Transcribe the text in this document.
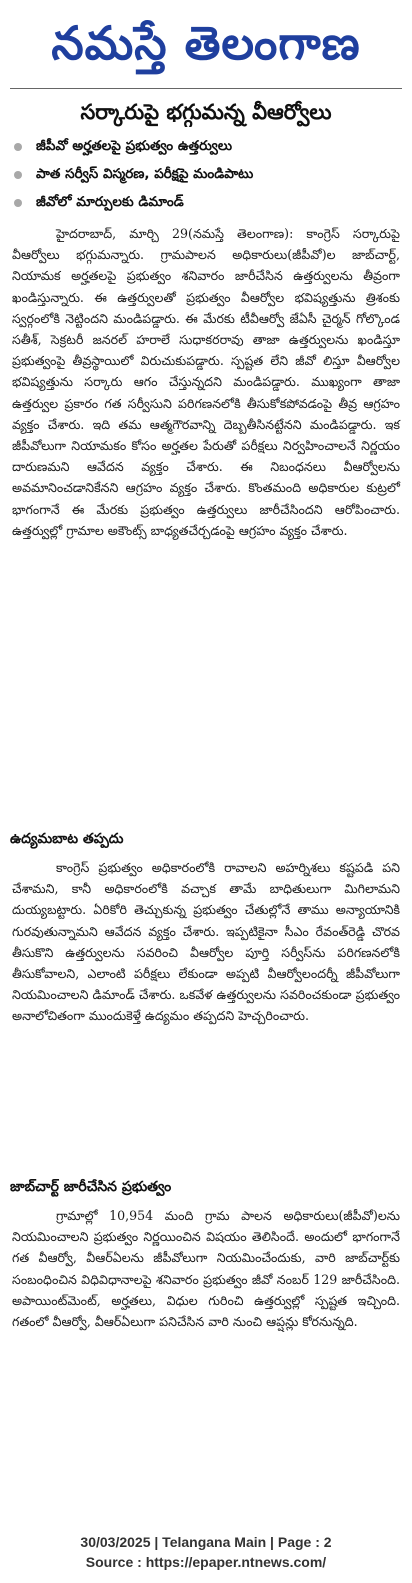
నమస్తే తెలంగాణ
సర్కారుపై భగ్గుమన్న వీఆర్వోలు
జీపీవో అర్హతలపై ప్రభుత్వం ఉత్తర్వులు
పాత సర్వీస్ విస్మరణ, పరీక్షపై మండిపాటు
జీవోలో మార్పులకు డిమాండ్

హైదరాబాద్, మార్చి 29(నమస్తే తెలంగాణ): కాంగ్రెస్ సర్కారుపై వీఆర్వోలు భగ్గుమన్నారు. గ్రామపాలన అధికారులు(జీపీవో)ల జాబ్‌చార్ట్, నియామక అర్హతలపై ప్రభుత్వం శనివారం జారీచేసిన ఉత్తర్వులను తీవ్రంగా ఖండిస్తున్నారు. ఈ ఉత్తర్వులతో ప్రభుత్వం వీఆర్వోల భవిష్యత్తును త్రిశంకు స్వర్గంలోకి నెట్టిందని మండిపడ్డారు. ఈ మేరకు టీవీఆర్వో జేఏసీ చైర్మన్ గోల్కొండ సతీశ్, సెక్రటరీ జనరల్ హరాలే సుధాకరరావు తాజా ఉత్తర్వులను ఖండిస్తూ ప్రభుత్వంపై తీవ్రస్థాయిలో విరుచుకుపడ్డారు. స్పష్టత లేని జీవో లిస్తూ వీఆర్వోల భవిష్యత్తును సర్కారు ఆగం చేస్తున్నదని మండిపడ్డారు. ముఖ్యంగా తాజా ఉత్తర్వుల ప్రకారం గత సర్వీసుని పరిగణనలోకి తీసుకోకపోవడంపై తీవ్ర ఆగ్రహం వ్యక్తం చేశారు. ఇది తమ ఆత్మగౌరవాన్ని దెబ్బతీసినట్టేనని మండిపడ్డారు. ఇక జీపీవోలుగా నియామకం కోసం అర్హతల పేరుతో పరీక్షలు నిర్వహించాలనే నిర్ణయం దారుణమని ఆవేదన వ్యక్తం చేశారు. ఈ నిబంధనలు వీఆర్వోలను అవమానించడానికేనని ఆగ్రహం వ్యక్తం చేశారు. కొంతమంది అధికారుల కుట్రలో భాగంగానే ఈ మేరకు ప్రభుత్వం ఉత్తర్వులు జారీచేసిందని ఆరోపించారు. ఉత్తర్వుల్లో గ్రామాల అకౌంట్స్ బాధ్యతచేర్చడంపై ఆగ్రహం వ్యక్తం చేశారు.

ఉద్యమబాట తప్పదు

కాంగ్రెస్ ప్రభుత్వం అధికారంలోకి రావాలని అహర్నిశలు కష్టపడి పని చేశామని, కానీ అధికారంలోకి వచ్చాక తామే బాధితులుగా మిగిలామని దుయ్యబట్టారు. ఏరికోరి తెచ్చుకున్న ప్రభుత్వం చేతుల్లోనే తాము అన్యాయానికి గురవుతున్నామని ఆవేదన వ్యక్తం చేశారు. ఇప్పటికైనా సీఎం రేవంత్‌రెడ్డి చొరవ తీసుకొని ఉత్తర్వులను సవరించి వీఆర్వోల పూర్తి సర్వీస్‌ను పరిగణనలోకి తీసుకోవాలని, ఎలాంటి పరీక్షలు లేకుండా అప్పటి వీఆర్వోలందర్నీ జీపీవోలుగా నియమించాలని డిమాండ్ చేశారు. ఒకవేళ ఉత్తర్వులను సవరించకుండా ప్రభుత్వం అనాలోచితంగా ముందుకెళ్తే ఉద్యమం తప్పదని హెచ్చరించారు.

జాబ్‌చార్ట్ జారీచేసిన ప్రభుత్వం

గ్రామాల్లో 10,954 మంది గ్రామ పాలన అధికారులు(జీపీవో)లను నియమించాలని ప్రభుత్వం నిర్ణయించిన విషయం తెలిసిందే. అందులో భాగంగానే గత వీఆర్వో, వీఆర్‌ఏలను జీపీవోలుగా నియమించేందుకు, వారి జాబ్‌చార్ట్‌కు సంబంధించిన విధివిధానాలపై శనివారం ప్రభుత్వం జీవో నంబర్ 129 జారీచేసింది. అపాయింట్‌మెంట్, అర్హతలు, విధుల గురించి ఉత్తర్వుల్లో స్పష్టత ఇచ్చింది. గతంలో వీఆర్వో, వీఆర్‌ఏలుగా పనిచేసిన వారి నుంచి ఆప్షన్లు కోరనున్నది.

30/03/2025 | Telangana Main | Page : 2
Source : https://epaper.ntnews.com/
